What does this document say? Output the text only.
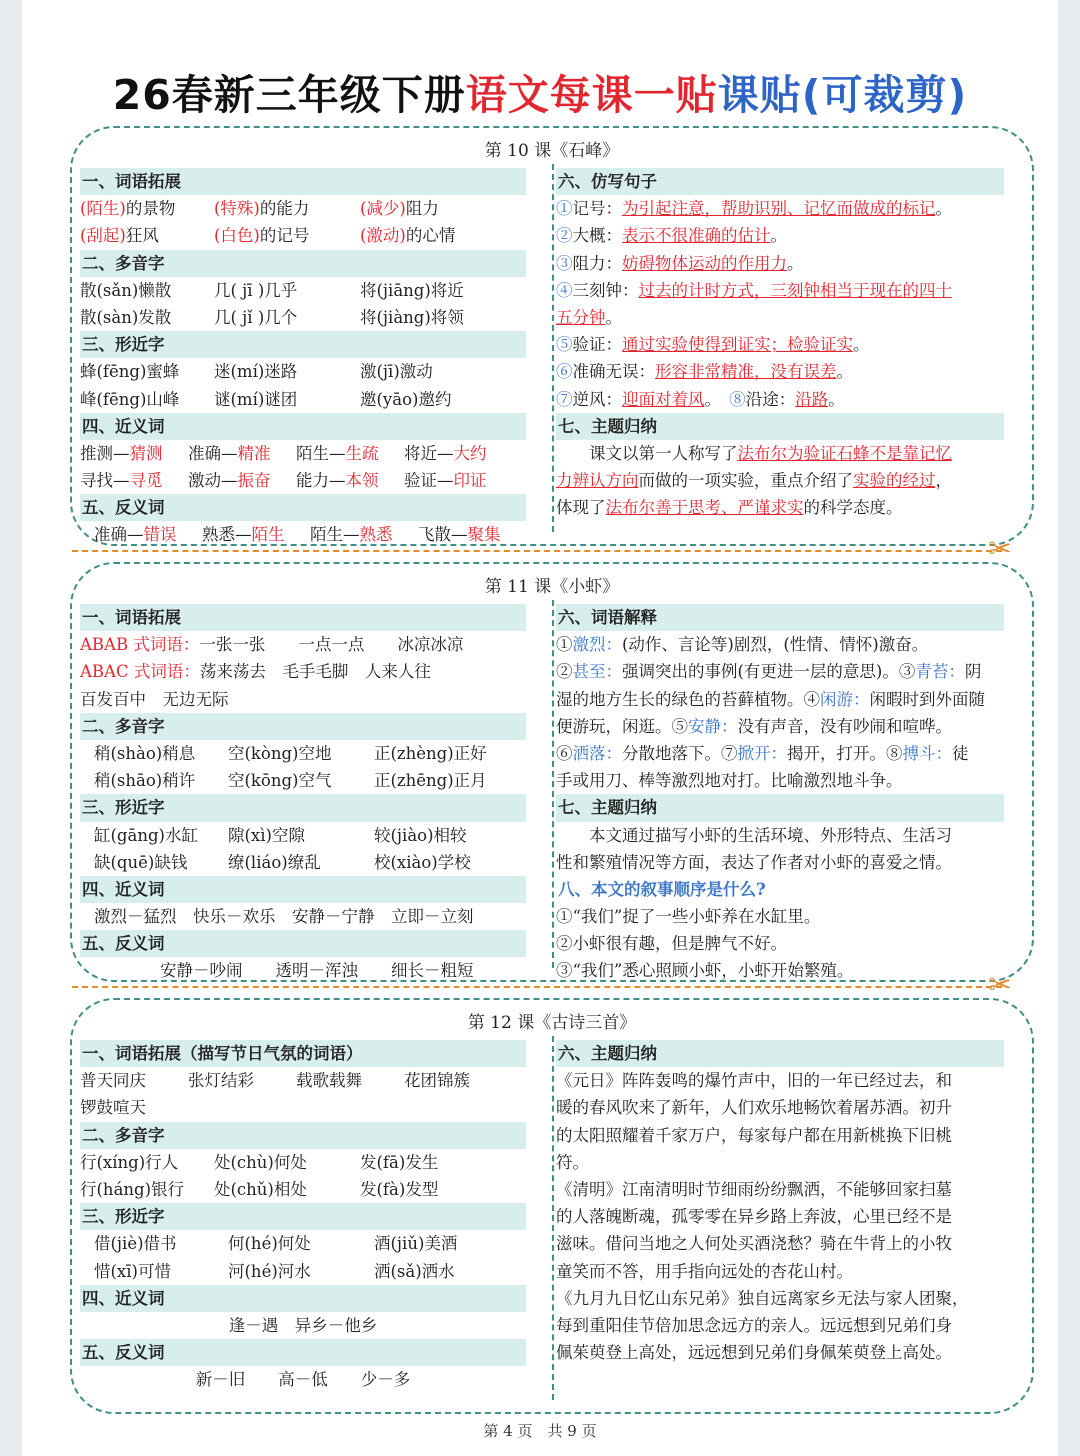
26春新三年级下册语文每课一贴课贴(可裁剪)
第 10 课《石峰》
一、词语拓展
(陌生)的景物 (特殊)的能力	(减少)阻力
(刮起)狂风	(白色)的记号	(激动)的心情
二、多音字
散(sǎn)懒散	几( jī )几乎	将(jiāng)将近
散(sàn)发散	几( jǐ )几个	将(jiàng)将领
三、形近字
蜂(fēng)蜜蜂 迷(mí)迷路	激(jī)激动
峰(fēng)山峰 谜(mí)谜团	邀(yāo)邀约
四、近义词
推测—猜测 准确—精准 陌生—生疏 将近—大约
寻找—寻觅 激动—振奋 能力—本领 验证—印证
五、反义词
准确—错误 熟悉—陌生 陌生—熟悉 飞散—聚集
六、仿写句子
①记号：为引起注意，帮助识别、记忆而做成的标记。
②大概：表示不很准确的估计。
③阻力：妨碍物体运动的作用力。
④三刻钟：过去的计时方式，三刻钟相当于现在的四十
五分钟。
⑤验证：通过实验使得到证实；检验证实。
⑥准确无误：形容非常精准，没有误差。
⑦逆风：迎面对着风。　 ⑧沿途：沿路。
七、主题归纳
　　课文以第一人称写了法布尔为验证石蜂不是靠记忆
力辨认方向而做的一项实验，重点介绍了实验的经过，
体现了法布尔善于思考、严谨求实的科学态度。
✂
第 11 课《小虾》
一、词语拓展
ABAB 式词语：一张一张　　一点一点　　冰凉冰凉
ABAC 式词语：荡来荡去　毛手毛脚　人来人往
百发百中　无边无际
二、多音字
稍(shào)稍息 空(kòng)空地	正(zhèng)正好
稍(shāo)稍许 空(kōng)空气	正(zhēng)正月
三、形近字
缸(gāng)水缸 隙(xì)空隙	较(jiào)相较
缺(quē)缺钱 缭(liáo)缭乱	校(xiào)学校
四、近义词
激烈－猛烈　快乐－欢乐　安静－宁静　立即－立刻
五、反义词
安静－吵闹　　透明－浑浊　　细长－粗短
六、词语解释
①激烈：(动作、言论等)剧烈，(性情、情怀)激奋。
②甚至：强调突出的事例(有更进一层的意思)。③青苔：阴
湿的地方生长的绿色的苔藓植物。④闲游：闲暇时到外面随
便游玩，闲逛。⑤安静：没有声音，没有吵闹和喧哗。
⑥洒落：分散地落下。⑦掀开：揭开，打开。⑧搏斗：徒
手或用刀、棒等激烈地对打。比喻激烈地斗争。
七、主题归纳
　　本文通过描写小虾的生活环境、外形特点、生活习
性和繁殖情况等方面，表达了作者对小虾的喜爱之情。
八、本文的叙事顺序是什么?
①“我们”捉了一些小虾养在水缸里。
②小虾很有趣，但是脾气不好。
③“我们”悉心照顾小虾，小虾开始繁殖。	✂
第 12 课《古诗三首》
一、词语拓展（描写节日气氛的词语）
普天同庆	张灯结彩	载歌载舞	花团锦簇
锣鼓喧天
二、多音字
行(xíng)行人 处(chù)何处	发(fā)发生
行(háng)银行 处(chǔ)相处	发(fà)发型
三、形近字
借(jiè)借书	何(hé)何处	酒(jiǔ)美酒
惜(xī)可惜	河(hé)河水	洒(sǎ)洒水
四、近义词
逢－遇　异乡－他乡
五、反义词
新－旧　　高－低　　少－多
六、主题归纳
《元日》阵阵轰鸣的爆竹声中，旧的一年已经过去，和
暖的春风吹来了新年，人们欢乐地畅饮着屠苏酒。初升
的太阳照耀着千家万户，每家每户都在用新桃换下旧桃
符。
《清明》江南清明时节细雨纷纷飘洒，不能够回家扫墓
的人落魄断魂，孤零零在异乡路上奔波，心里已经不是
滋味。借问当地之人何处买酒浇愁？骑在牛背上的小牧
童笑而不答，用手指向远处的杏花山村。
《九月九日忆山东兄弟》独自远离家乡无法与家人团聚，
每到重阳佳节倍加思念远方的亲人。远远想到兄弟们身
佩茱萸登上高处，远远想到兄弟们身佩茱萸登上高处。
第 4 页　共 9 页
